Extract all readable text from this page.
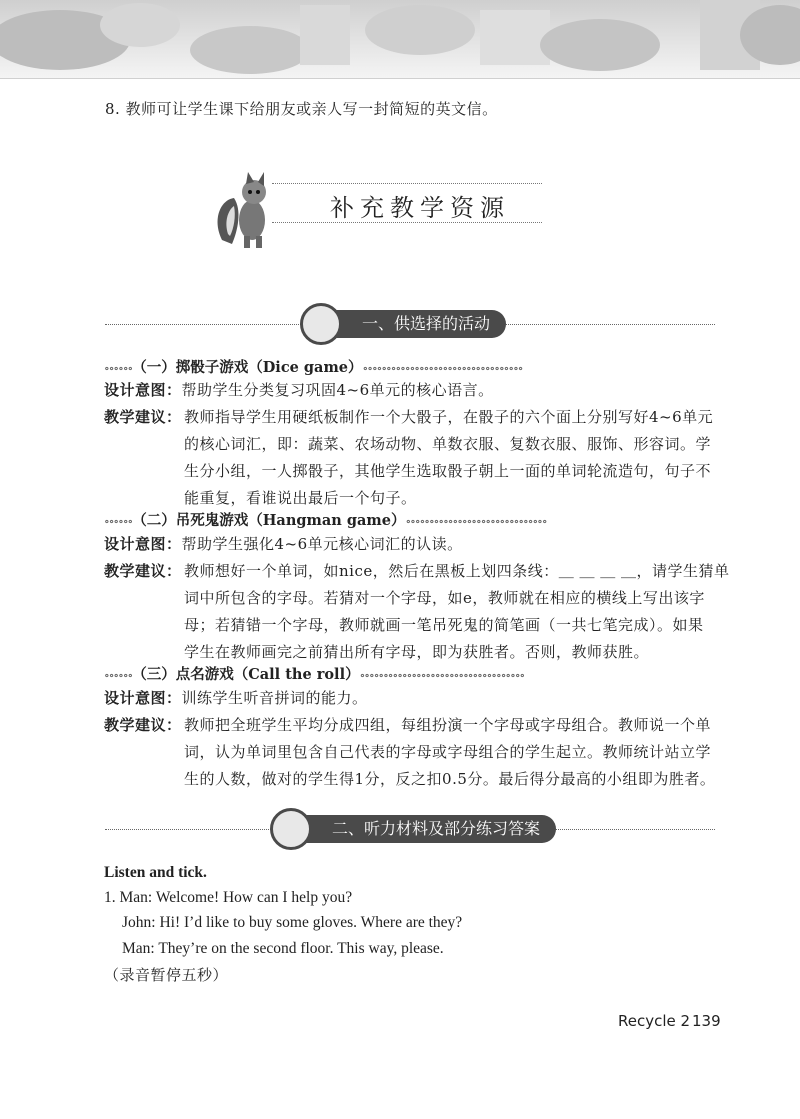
8. 教师可让学生课下给朋友或亲人写一封简短的英文信。
补充教学资源
一、供选择的活动
∘∘∘∘∘∘（一）掷骰子游戏（Dice game）∘∘∘∘∘∘∘∘∘∘∘∘∘∘∘∘∘∘∘∘∘∘∘∘∘∘∘∘∘∘∘∘∘∘
设计意图：帮助学生分类复习巩固4~6单元的核心语言。
教学建议： 教师指导学生用硬纸板制作一个大骰子，在骰子的六个面上分别写好4~6单元
的核心词汇，即：蔬菜、农场动物、单数衣服、复数衣服、服饰、形容词。学
生分小组，一人掷骰子，其他学生选取骰子朝上一面的单词轮流造句，句子不
能重复，看谁说出最后一个句子。
∘∘∘∘∘∘（二）吊死鬼游戏（Hangman game）∘∘∘∘∘∘∘∘∘∘∘∘∘∘∘∘∘∘∘∘∘∘∘∘∘∘∘∘∘∘
设计意图：帮助学生强化4~6单元核心词汇的认读。
教学建议： 教师想好一个单词，如nice，然后在黑板上划四条线：＿ ＿ ＿ ＿，请学生猜单
词中所包含的字母。若猜对一个字母，如e，教师就在相应的横线上写出该字
母；若猜错一个字母，教师就画一笔吊死鬼的简笔画（一共七笔完成）。如果
学生在教师画完之前猜出所有字母，即为获胜者。否则，教师获胜。
∘∘∘∘∘∘（三）点名游戏（Call the roll）∘∘∘∘∘∘∘∘∘∘∘∘∘∘∘∘∘∘∘∘∘∘∘∘∘∘∘∘∘∘∘∘∘∘∘
设计意图：训练学生听音拼词的能力。
教学建议： 教师把全班学生平均分成四组，每组扮演一个字母或字母组合。教师说一个单
词，认为单词里包含自己代表的字母或字母组合的学生起立。教师统计站立学
生的人数，做对的学生得1分，反之扣0.5分。最后得分最高的小组即为胜者。
二、听力材料及部分练习答案
Listen and tick.
1. Man: Welcome! How can I help you?
John: Hi! I’d like to buy some gloves. Where are they?
Man: They’re on the second floor. This way, please.
（录音暂停五秒）
Recycle 2 139
